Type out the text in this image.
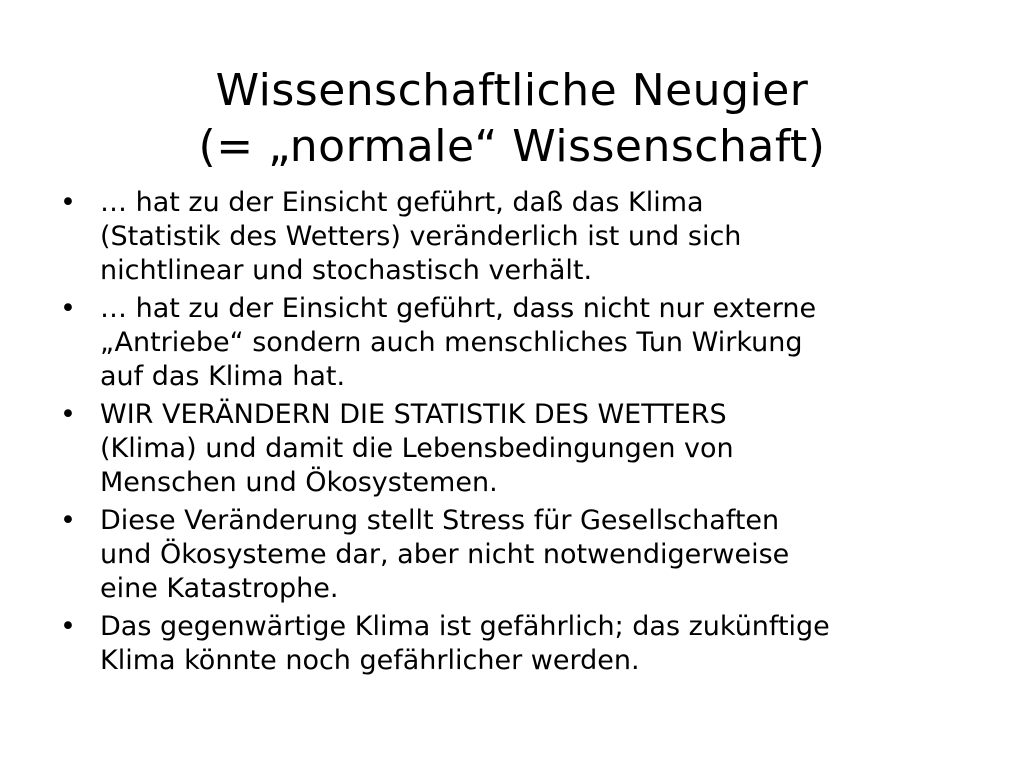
Wissenschaftliche Neugier
(= „normale“ Wissenschaft)
• … hat zu der Einsicht geführt, daß das Klima
(Statistik des Wetters) veränderlich ist und sich
nichtlinear und stochastisch verhält.
• … hat zu der Einsicht geführt, dass nicht nur externe
„Antriebe“ sondern auch menschliches Tun Wirkung
auf das Klima hat.
• WIR VERÄNDERN DIE STATISTIK DES WETTERS
(Klima) und damit die Lebensbedingungen von
Menschen und Ökosystemen.
• Diese Veränderung stellt Stress für Gesellschaften
und Ökosysteme dar, aber nicht notwendigerweise
eine Katastrophe.
• Das gegenwärtige Klima ist gefährlich; das zukünftige
Klima könnte noch gefährlicher werden.
